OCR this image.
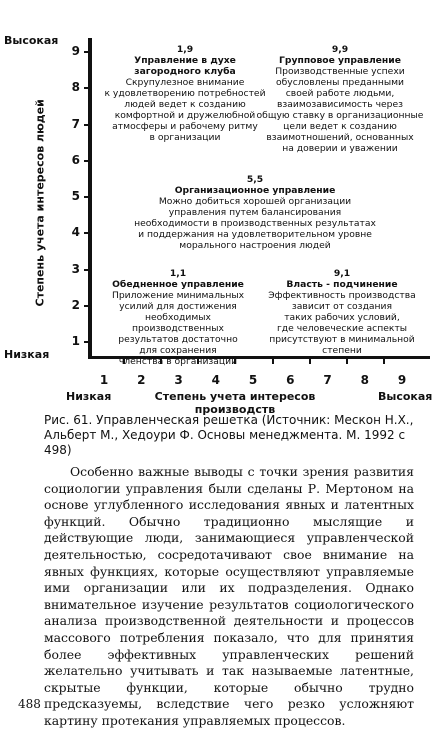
Высокая
Низкая
Степень учета интересов людей
1
2
3
4
5
6
7
8
9
1 2 3 4 5 6 7 8 9
Низкая	Степень учета интересов производств
Высокая
1,9
Управление в духе загородного клуба
Скрупулезное внимание
к удовлетворению потребностей
людей ведет к созданию
комфортной и дружелюбной
атмосферы и рабочему ритму
в организации
9,9
Групповое управление
Производственные успехи
обусловлены преданными
своей работе людьми,
взаимозависимость через
общую ставку в организационные
цели ведет к созданию
взаимотношений, основанных
на доверии и уважении
5,5
Организационное управление
Можно добиться хорошей организации
управления путем балансирования
необходимости в производственных результатах
и поддержания на удовлетворительном уровне
морального настроения людей
1,1
Обедненное управление
Приложение минимальных
усилий для достижения
необходимых производственных
результатов достаточно
для сохранения
членства в организации
9,1
Власть - подчинение
Эффективность производства
зависит от создания
таких рабочих условий,
где человеческие аспекты
присутствуют в минимальной
степени
Рис. 61. Управленческая решетка (Источник: Мескон Н.Х., Альберт М., Хедоури Ф. Основы менеджмента. М. 1992 с 498)
Особенно важные выводы с точки зрения развития социологии управления были сделаны Р. Мертоном на основе углубленного исследования явных и латентных функций. Обычно традиционно мыслящие и действующие люди, занимающиеся управленческой деятельностью, сосредотачивают свое внимание на явных функциях, которые осуществляют управляемые ими организации или их подразделения. Однако внимательное изучение результатов социологического анализа производственной деятельности и процессов массового потребления показало, что для принятия более эффективных управленческих решений желательно учитывать и так называемые латентные, скрытые функции, которые обычно трудно предсказуемы, вследствие чего резко усложняют картину протекания управляемых процессов.
488
